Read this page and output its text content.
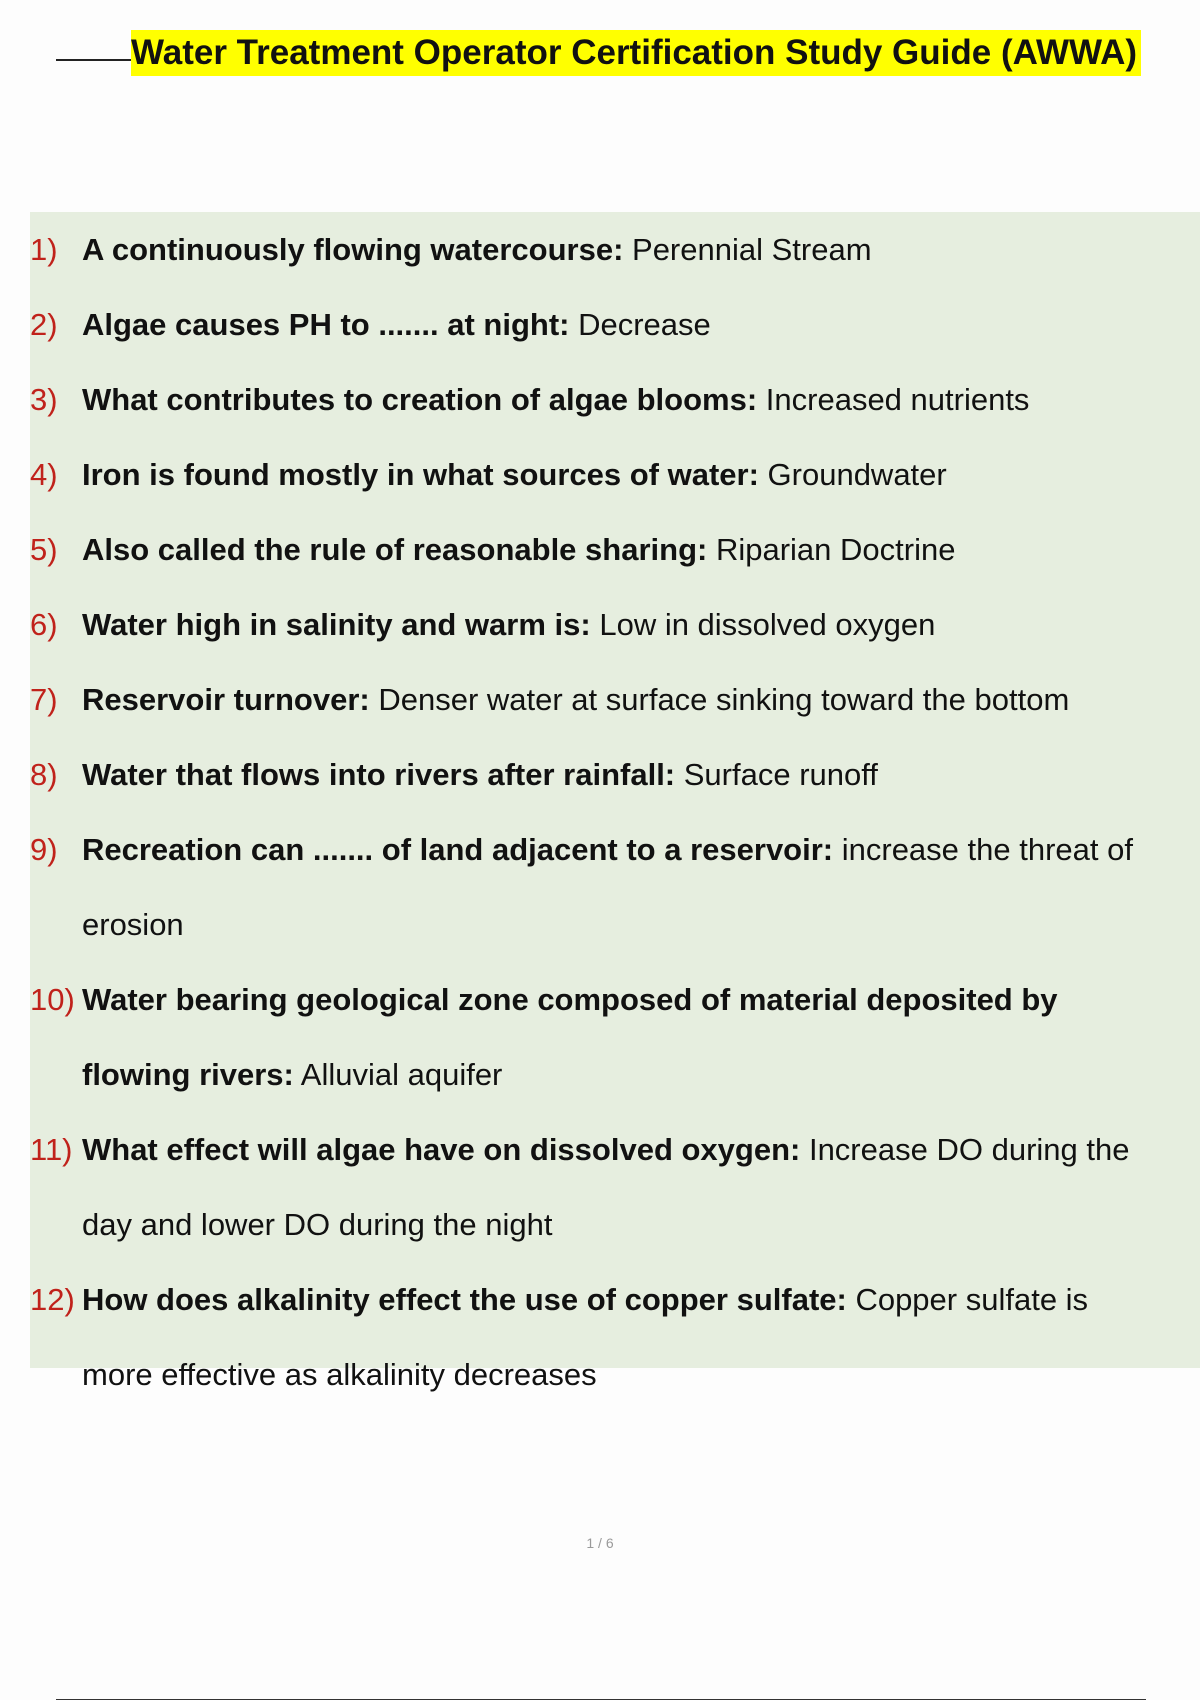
Water Treatment Operator Certification Study Guide (AWWA)
1) A continuously flowing watercourse: Perennial Stream
2) Algae causes PH to ....... at night: Decrease
3) What contributes to creation of algae blooms: Increased nutrients
4) Iron is found mostly in what sources of water: Groundwater
5) Also called the rule of reasonable sharing: Riparian Doctrine
6) Water high in salinity and warm is: Low in dissolved oxygen
7) Reservoir turnover: Denser water at surface sinking toward the bottom
8) Water that flows into rivers after rainfall: Surface runoff
9) Recreation can ....... of land adjacent to a reservoir: increase the threat of
erosion
10) Water bearing geological zone composed of material deposited by
flowing rivers: Alluvial aquifer
11) What effect will algae have on dissolved oxygen: Increase DO during the
day and lower DO during the night
12) How does alkalinity effect the use of copper sulfate: Copper sulfate is
more effective as alkalinity decreases
1 / 6
